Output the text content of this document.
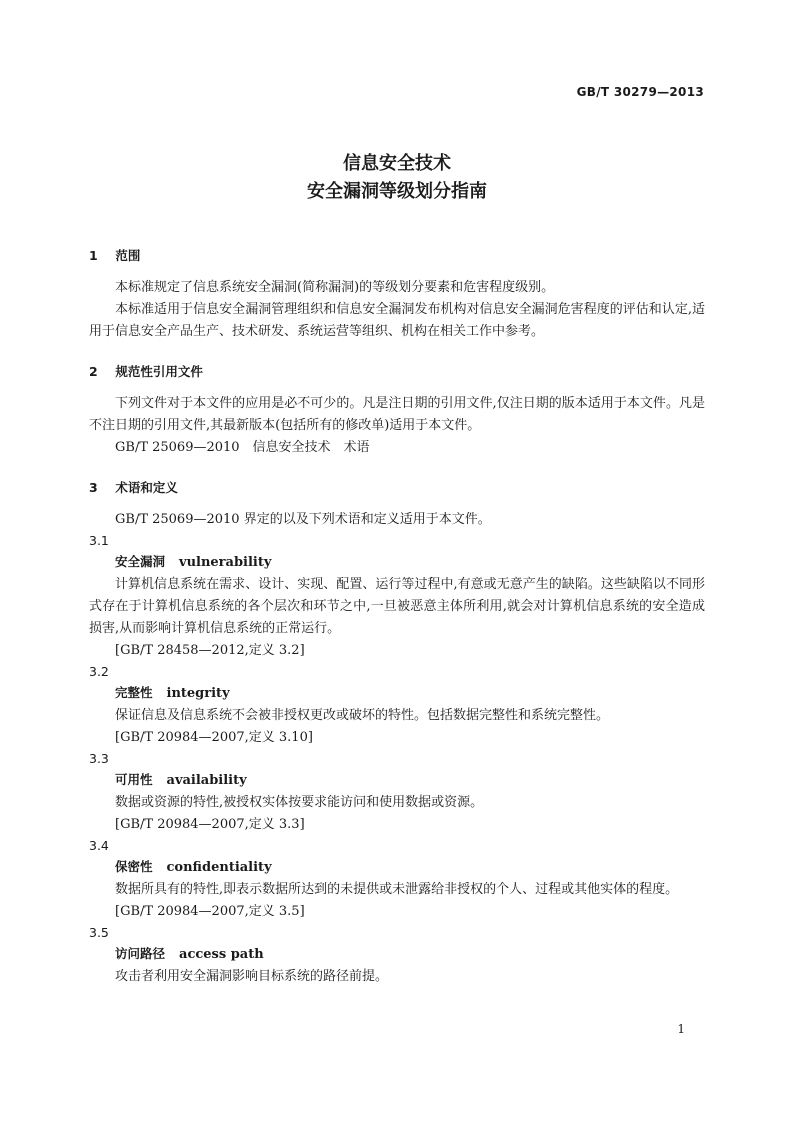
GB/T 30279—2013
信息安全技术
安全漏洞等级划分指南
1 范围
本标准规定了信息系统安全漏洞(简称漏洞)的等级划分要素和危害程度级别。
本标准适用于信息安全漏洞管理组织和信息安全漏洞发布机构对信息安全漏洞危害程度的评估和认定,适用于信息安全产品生产、技术研发、系统运营等组织、机构在相关工作中参考。
2 规范性引用文件
下列文件对于本文件的应用是必不可少的。凡是注日期的引用文件,仅注日期的版本适用于本文件。凡是不注日期的引用文件,其最新版本(包括所有的修改单)适用于本文件。
GB/T 25069—2010　信息安全技术　术语
3 术语和定义
GB/T 25069—2010 界定的以及下列术语和定义适用于本文件。
3.1
安全漏洞 vulnerability
计算机信息系统在需求、设计、实现、配置、运行等过程中,有意或无意产生的缺陷。这些缺陷以不同形式存在于计算机信息系统的各个层次和环节之中,一旦被恶意主体所利用,就会对计算机信息系统的安全造成损害,从而影响计算机信息系统的正常运行。
[GB/T 28458—2012,定义 3.2]
3.2
完整性 integrity
保证信息及信息系统不会被非授权更改或破坏的特性。包括数据完整性和系统完整性。
[GB/T 20984—2007,定义 3.10]
3.3
可用性 availability
数据或资源的特性,被授权实体按要求能访问和使用数据或资源。
[GB/T 20984—2007,定义 3.3]
3.4
保密性 confidentiality
数据所具有的特性,即表示数据所达到的未提供或未泄露给非授权的个人、过程或其他实体的程度。
[GB/T 20984—2007,定义 3.5]
3.5
访问路径 access path
攻击者利用安全漏洞影响目标系统的路径前提。
1
